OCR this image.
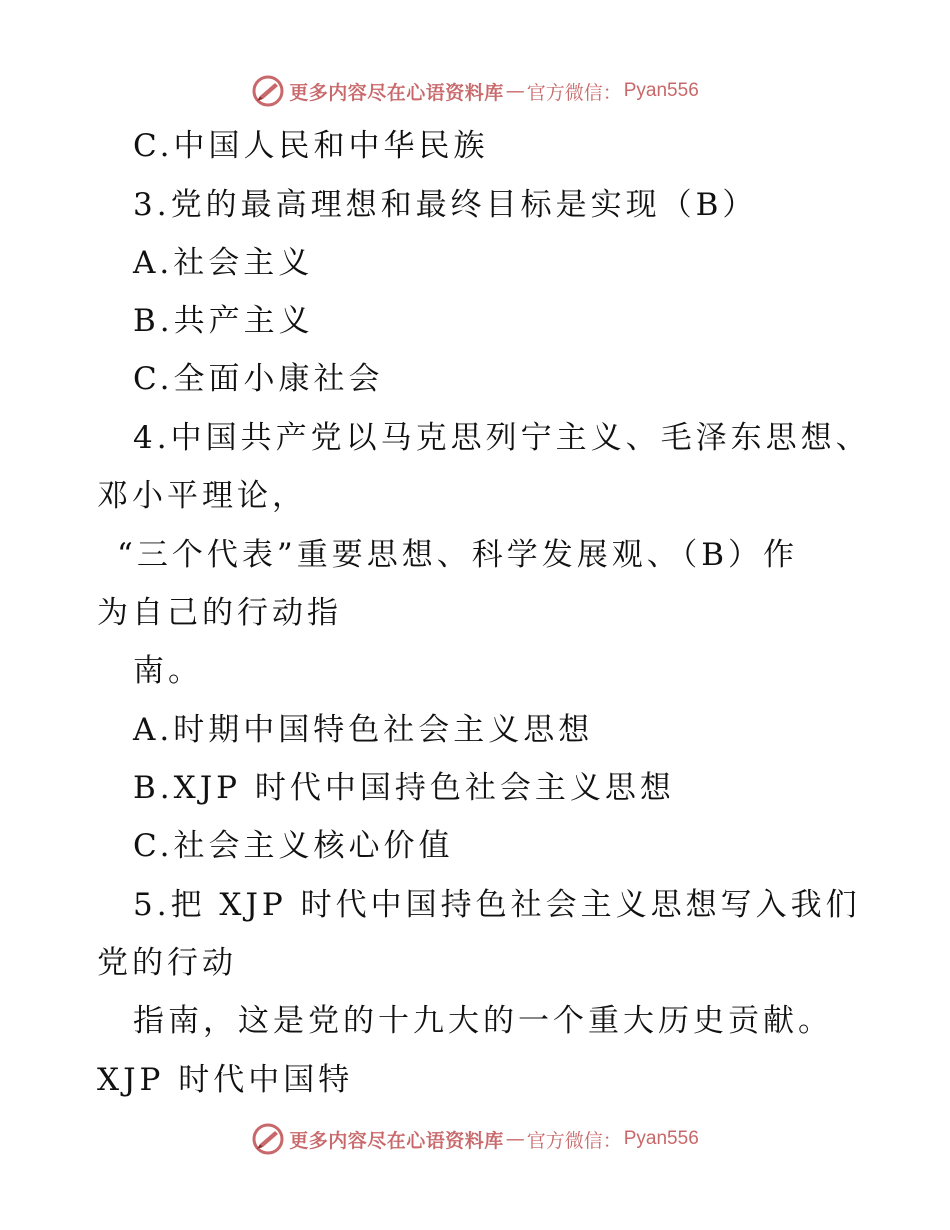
更多内容尽在心语资料库 — 官方微信： Pyan556
C.中国人民和中华民族
3.党的最高理想和最终目标是实现（B）
A.社会主义
B.共产主义
C.全面小康社会
4.中国共产党以马克思列宁主义、毛泽东思想、
邓小平理论，
“三个代表”重要思想、科学发展观、（B）作
为自己的行动指
南。
A.时期中国特色社会主义思想
B.XJP 时代中国持色社会主义思想
C.社会主义核心价值
5.把 XJP 时代中国持色社会主义思想写入我们
党的行动
指南，这是党的十九大的一个重大历史贡献。
XJP 时代中国特
更多内容尽在心语资料库 — 官方微信： Pyan556
